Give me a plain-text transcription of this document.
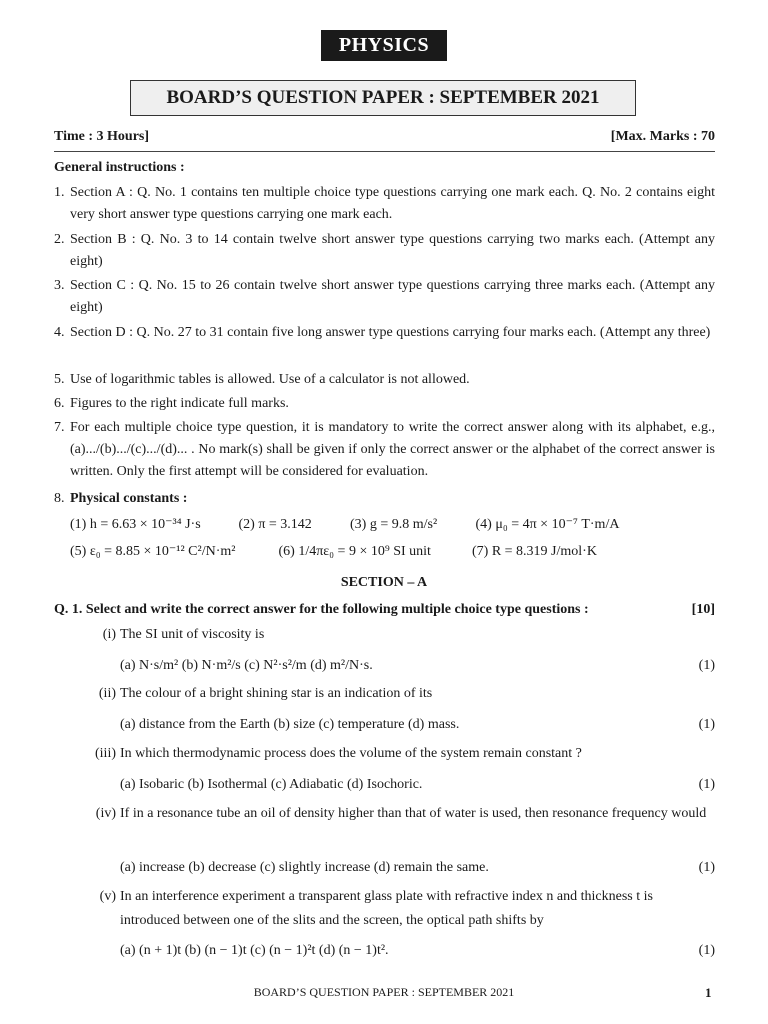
PHYSICS
BOARD’S QUESTION PAPER : SEPTEMBER 2021
Time : 3 Hours]	[Max. Marks : 70
General instructions :
1. Section A : Q. No. 1 contains ten multiple choice type questions carrying one mark each. Q. No. 2 contains eight very short answer type questions carrying one mark each.
2. Section B : Q. No. 3 to 14 contain twelve short answer type questions carrying two marks each. (Attempt any eight)
3. Section C : Q. No. 15 to 26 contain twelve short answer type questions carrying three marks each. (Attempt any eight)
4. Section D : Q. No. 27 to 31 contain five long answer type questions carrying four marks each. (Attempt any three)
5. Use of logarithmic tables is allowed. Use of a calculator is not allowed.
6. Figures to the right indicate full marks.
7. For each multiple choice type question, it is mandatory to write the correct answer along with its alphabet, e.g., (a).../(b).../(c).../(d)... . No mark(s) shall be given if only the correct answer or the alphabet of the correct answer is written. Only the first attempt will be considered for evaluation.
8. Physical constants :
(1) h = 6.63 × 10⁻³⁴ J·s	(2) π = 3.142	(3) g = 9.8 m/s²	(4) μ₀ = 4π × 10⁻⁷ T·m/A
(5) ε₀ = 8.85 × 10⁻¹² C²/N·m²	(6) 1/4πε₀ = 9 × 10⁹ SI unit	(7) R = 8.319 J/mol·K
SECTION – A
Q. 1. Select and write the correct answer for the following multiple choice type questions :	[10]
(i) The SI unit of viscosity is
(a) N·s/m² (b) N·m²/s (c) N²·s²/m (d) m²/N·s.	(1)
(ii) The colour of a bright shining star is an indication of its
(a) distance from the Earth (b) size (c) temperature (d) mass.	(1)
(iii) In which thermodynamic process does the volume of the system remain constant ?
(a) Isobaric (b) Isothermal (c) Adiabatic (d) Isochoric.	(1)
(iv) If in a resonance tube an oil of density higher than that of water is used, then resonance frequency would
(a) increase (b) decrease (c) slightly increase (d) remain the same.	(1)
(v) In an interference experiment a transparent glass plate with refractive index n and thickness t is introduced between one of the slits and the screen, the optical path shifts by
(a) (n + 1)t (b) (n − 1)t (c) (n − 1)²t (d) (n − 1)t².	(1)
BOARD’S QUESTION PAPER : SEPTEMBER 2021	1
